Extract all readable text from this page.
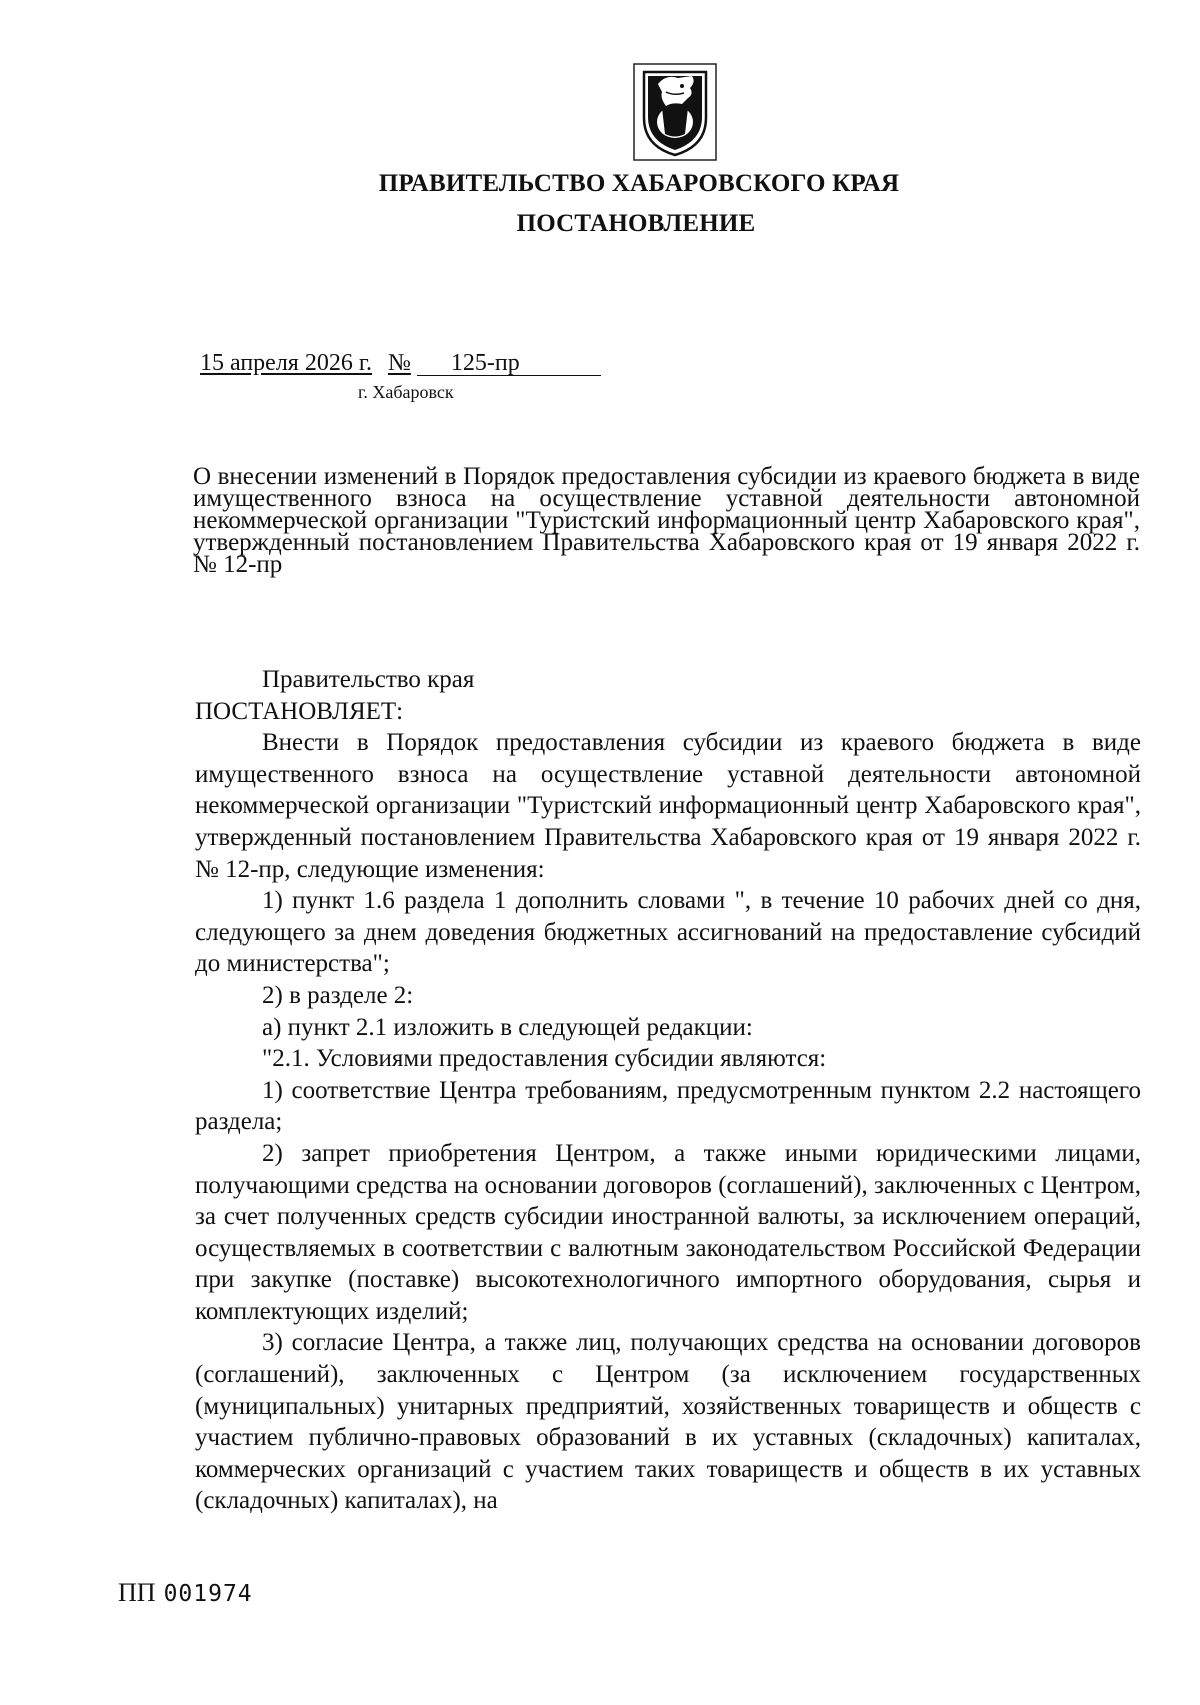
ПРАВИТЕЛЬСТВО ХАБАРОВСКОГО КРАЯ
ПОСТАНОВЛЕНИЕ
15 апреля 2026 г. № 125-пр
г. Хабаровск
О внесении изменений в Порядок предоставления субсидии из краевого бюджета в виде имущественного взноса на осуществление уставной деятельности автономной некоммерческой организации "Туристский информационный центр Хабаровского края", утвержденный постановлением Правительства Хабаровского края от 19 января 2022 г. № 12-пр

Правительство края

ПОСТАНОВЛЯЕТ:

Внести в Порядок предоставления субсидии из краевого бюджета в виде имущественного взноса на осуществление уставной деятельности автономной некоммерческой организации "Туристский информационный центр Хабаровского края", утвержденный постановлением Правительства Хабаровского края от 19 января 2022 г. № 12-пр, следующие изменения:

1) пункт 1.6 раздела 1 дополнить словами ", в течение 10 рабочих дней со дня, следующего за днем доведения бюджетных ассигнований на предоставление субсидий до министерства";

2) в разделе 2:

а) пункт 2.1 изложить в следующей редакции:

"2.1. Условиями предоставления субсидии являются:

1) соответствие Центра требованиям, предусмотренным пунктом 2.2 настоящего раздела;

2) запрет приобретения Центром, а также иными юридическими лицами, получающими средства на основании договоров (соглашений), заключенных с Центром, за счет полученных средств субсидии иностранной валюты, за исключением операций, осуществляемых в соответствии с валютным законодательством Российской Федерации при закупке (поставке) высокотехнологичного импортного оборудования, сырья и комплектующих изделий;

3) согласие Центра, а также лиц, получающих средства на основании договоров (соглашений), заключенных с Центром (за исключением государственных (муниципальных) унитарных предприятий, хозяйственных товариществ и обществ с участием публично-правовых образований в их уставных (складочных) капиталах, коммерческих организаций с участием таких товариществ и обществ в их уставных (складочных) капиталах), на

ПП 001974
